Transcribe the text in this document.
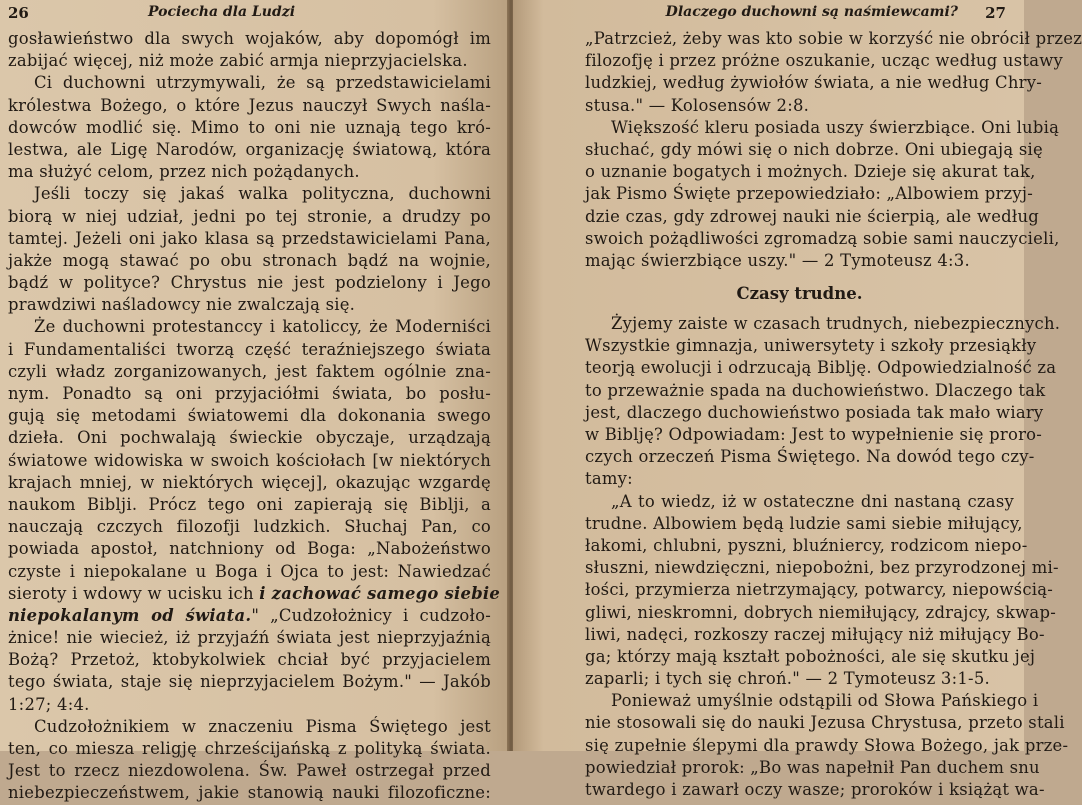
26	Pociecha dla Ludzi
gosławieństwo dla swych wojaków, aby dopomógł im
zabijać więcej, niż może zabić armja nieprzyjacielska.
Ci duchowni utrzymywali, że są przedstawicielami
królestwa Bożego, o które Jezus nauczył Swych naśla-
dowców modlić się. Mimo to oni nie uznają tego kró-
lestwa, ale Ligę Narodów, organizację światową, która
ma służyć celom, przez nich pożądanych.
Jeśli toczy się jakaś walka polityczna, duchowni
biorą w niej udział, jedni po tej stronie, a drudzy po
tamtej. Jeżeli oni jako klasa są przedstawicielami Pana,
jakże mogą stawać po obu stronach bądź na wojnie,
bądź w polityce? Chrystus nie jest podzielony i Jego
prawdziwi naśladowcy nie zwalczają się.
Że duchowni protestanccy i katoliccy, że Moderniści
i Fundamentaliści tworzą część teraźniejszego świata
czyli władz zorganizowanych, jest faktem ogólnie zna-
nym. Ponadto są oni przyjaciółmi świata, bo posłu-
gują się metodami światowemi dla dokonania swego
dzieła. Oni pochwalają świeckie obyczaje, urządzają
światowe widowiska w swoich kościołach [w niektórych
krajach mniej, w niektórych więcej], okazując wzgardę
naukom Biblji. Prócz tego oni zapierają się Biblji, a
nauczają czczych filozofji ludzkich. Słuchaj Pan, co
powiada apostoł, natchniony od Boga: „Nabożeństwo
czyste i niepokalane u Boga i Ojca to jest: Nawiedzać
sieroty i wdowy w ucisku ich i zachować samego siebie
niepokalanym od świata." „Cudzołożnicy i cudzoło-
żnice! nie wiecież, iż przyjaźń świata jest nieprzyjaźnią
Bożą? Przetoż, ktobykolwiek chciał być przyjacielem
tego świata, staje się nieprzyjacielem Bożym." — Jakób
1:27; 4:4.
Cudzołożnikiem w znaczeniu Pisma Świętego jest
ten, co miesza religję chrześcijańską z polityką świata.
Jest to rzecz niezdowolena. Św. Paweł ostrzegał przed
niebezpieczeństwem, jakie stanowią nauki filozoficzne:
Dlaczego duchowni są naśmiewcami? 27
„Patrzcież, żeby was kto sobie w korzyść nie obrócił przez
filozofję i przez próżne oszukanie, ucząc według ustawy
ludzkiej, według żywiołów świata, a nie według Chry-
stusa." — Kolosensów 2:8.
Większość kleru posiada uszy świerzbiące. Oni lubią
słuchać, gdy mówi się o nich dobrze. Oni ubiegają się
o uznanie bogatych i możnych. Dzieje się akurat tak,
jak Pismo Święte przepowiedziało: „Albowiem przyj-
dzie czas, gdy zdrowej nauki nie ścierpią, ale według
swoich pożądliwości zgromadzą sobie sami nauczycieli,
mając świerzbiące uszy." — 2 Tymoteusz 4:3.
Czasy trudne.
Żyjemy zaiste w czasach trudnych, niebezpiecznych.
Wszystkie gimnazja, uniwersytety i szkoły przesiąkły
teorją ewolucji i odrzucają Biblję. Odpowiedzialność za
to przeważnie spada na duchowieństwo. Dlaczego tak
jest, dlaczego duchowieństwo posiada tak mało wiary
w Biblję? Odpowiadam: Jest to wypełnienie się proro-
czych orzeczeń Pisma Świętego. Na dowód tego czy-
tamy:
„A to wiedz, iż w ostateczne dni nastaną czasy
trudne. Albowiem będą ludzie sami siebie miłujący,
łakomi, chlubni, pyszni, bluźniercy, rodzicom niepo-
słuszni, niewdzięczni, niepobożni, bez przyrodzonej mi-
łości, przymierza nietrzymający, potwarcy, niepowścią-
gliwi, nieskromni, dobrych niemiłujący, zdrajcy, skwap-
liwi, nadęci, rozkoszy raczej miłujący niż miłujący Bo-
ga; którzy mają kształt pobożności, ale się skutku jej
zaparli; i tych się chroń." — 2 Tymoteusz 3:1-5.
Ponieważ umyślnie odstąpili od Słowa Pańskiego i
nie stosowali się do nauki Jezusa Chrystusa, przeto stali
się zupełnie ślepymi dla prawdy Słowa Bożego, jak prze-
powiedział prorok: „Bo was napełnił Pan duchem snu
twardego i zawarł oczy wasze; proroków i książąt wa-
